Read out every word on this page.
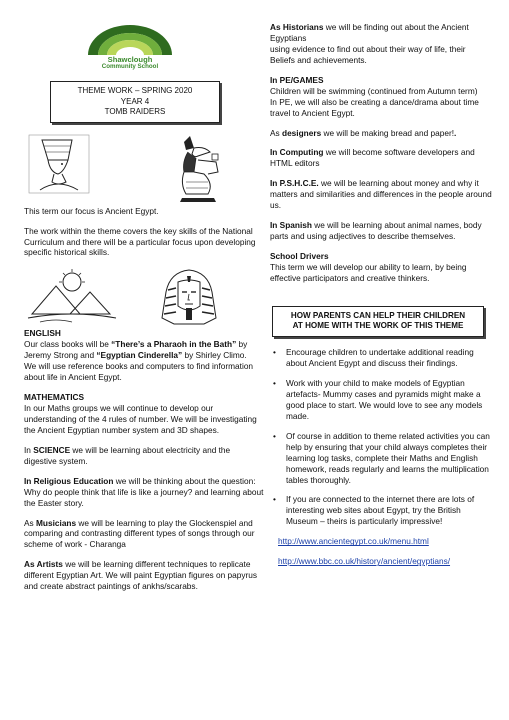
Shawclough
Community School
THEME WORK – SPRING 2020
YEAR 4
TOMB RAIDERS

This term our focus is Ancient Egypt.

The work within the theme covers the key skills of the National Curriculum and there will be a particular focus upon developing specific historical skills.

ENGLISH

Our class books will be “There’s a Pharaoh in the Bath” by Jeremy Strong and “Egyptian Cinderella” by Shirley Climo.

We will use reference books and computers to find information about life in Ancient Egypt.

MATHEMATICS

In our Maths groups we will continue to develop our understanding of the 4 rules of number. We will be investigating the Ancient Egyptian number system and 3D shapes.

In SCIENCE we will be learning about electricity and the digestive system.

In Religious Education we will be thinking about the question: Why do people think that life is like a journey? and learning about the Easter story.

As Musicians we will be learning to play the Glockenspiel and comparing and contrasting different types of songs through our scheme of work - Charanga

As Artists we will be learning different techniques to replicate different Egyptian Art. We will paint Egyptian figures on papyrus and create abstract paintings of ankhs/scarabs.

As Historians we will be finding out about the Ancient Egyptians

using evidence to find out about their way of life, their Beliefs and achievements.

In PE/GAMES

Children will be swimming (continued from Autumn term)

In PE, we will also be creating a dance/drama about time travel to Ancient Egypt.

As designers we will be making bread and paper!.

In Computing we will become software developers and HTML editors

In P.S.H.C.E. we will be learning about money and why it matters and similarities and differences in the people around us.

In Spanish we will be learning about animal names, body parts and using adjectives to describe themselves.

School Drivers

This term we will develop our ability to learn, by being effective participators and creative thinkers.

HOW PARENTS CAN HELP THEIR CHILDREN
AT HOME WITH THE WORK OF THIS THEME
• Encourage children to undertake additional reading about Ancient Egypt and discuss their findings.
• Work with your child to make models of Egyptian artefacts- Mummy cases and pyramids might make a good place to start. We would love to see any models made.
• Of course in addition to theme related activities you can help by ensuring that your child always completes their learning log tasks, complete their Maths and English homework, reads regularly and learns the multiplication tables thoroughly.
• If you are connected to the internet there are lots of interesting web sites about Egypt, try the British Museum – theirs is particularly impressive!
http://www.ancientegypt.co.uk/menu.html
http://www.bbc.co.uk/history/ancient/egyptians/
